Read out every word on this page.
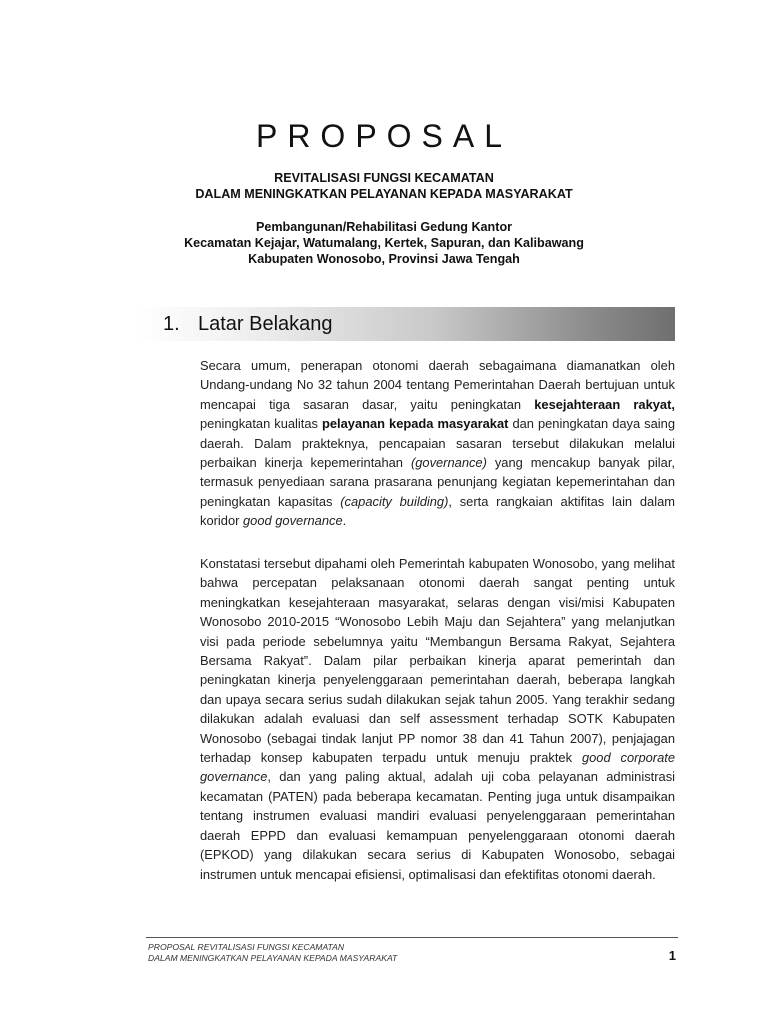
PROPOSAL
REVITALISASI FUNGSI KECAMATAN
DALAM MENINGKATKAN PELAYANAN KEPADA MASYARAKAT
Pembangunan/Rehabilitasi Gedung Kantor
Kecamatan Kejajar, Watumalang, Kertek, Sapuran, dan Kalibawang
Kabupaten Wonosobo, Provinsi Jawa Tengah
1. Latar Belakang
Secara umum, penerapan otonomi daerah sebagaimana diamanatkan oleh Undang-undang No 32 tahun 2004 tentang Pemerintahan Daerah bertujuan untuk mencapai tiga sasaran dasar, yaitu peningkatan kesejahteraan rakyat, peningkatan kualitas pelayanan kepada masyarakat dan peningkatan daya saing daerah. Dalam prakteknya, pencapaian sasaran tersebut dilakukan melalui perbaikan kinerja kepemerintahan (governance) yang mencakup banyak pilar, termasuk penyediaan sarana prasarana penunjang kegiatan kepemerintahan dan peningkatan kapasitas (capacity building), serta rangkaian aktifitas lain dalam koridor good governance.
Konstatasi tersebut dipahami oleh Pemerintah kabupaten Wonosobo, yang melihat bahwa percepatan pelaksanaan otonomi daerah sangat penting untuk meningkatkan kesejahteraan masyarakat, selaras dengan visi/misi Kabupaten Wonosobo 2010-2015 “Wonosobo Lebih Maju dan Sejahtera” yang melanjutkan visi pada periode sebelumnya yaitu “Membangun Bersama Rakyat, Sejahtera Bersama Rakyat”. Dalam pilar perbaikan kinerja aparat pemerintah dan peningkatan kinerja penyelenggaraan pemerintahan daerah, beberapa langkah dan upaya secara serius sudah dilakukan sejak tahun 2005. Yang terakhir sedang dilakukan adalah evaluasi dan self assessment terhadap SOTK Kabupaten Wonosobo (sebagai tindak lanjut PP nomor 38 dan 41 Tahun 2007), penjajagan terhadap konsep kabupaten terpadu untuk menuju praktek good corporate governance, dan yang paling aktual, adalah uji coba pelayanan administrasi kecamatan (PATEN) pada beberapa kecamatan. Penting juga untuk disampaikan tentang instrumen evaluasi mandiri evaluasi penyelenggaraan pemerintahan daerah EPPD dan evaluasi kemampuan penyelenggaraan otonomi daerah (EPKOD) yang dilakukan secara serius di Kabupaten Wonosobo, sebagai instrumen untuk mencapai efisiensi, optimalisasi dan efektifitas otonomi daerah.
PROPOSAL REVITALISASI FUNGSI KECAMATAN
DALAM MENINGKATKAN PELAYANAN KEPADA MASYARAKAT	1
